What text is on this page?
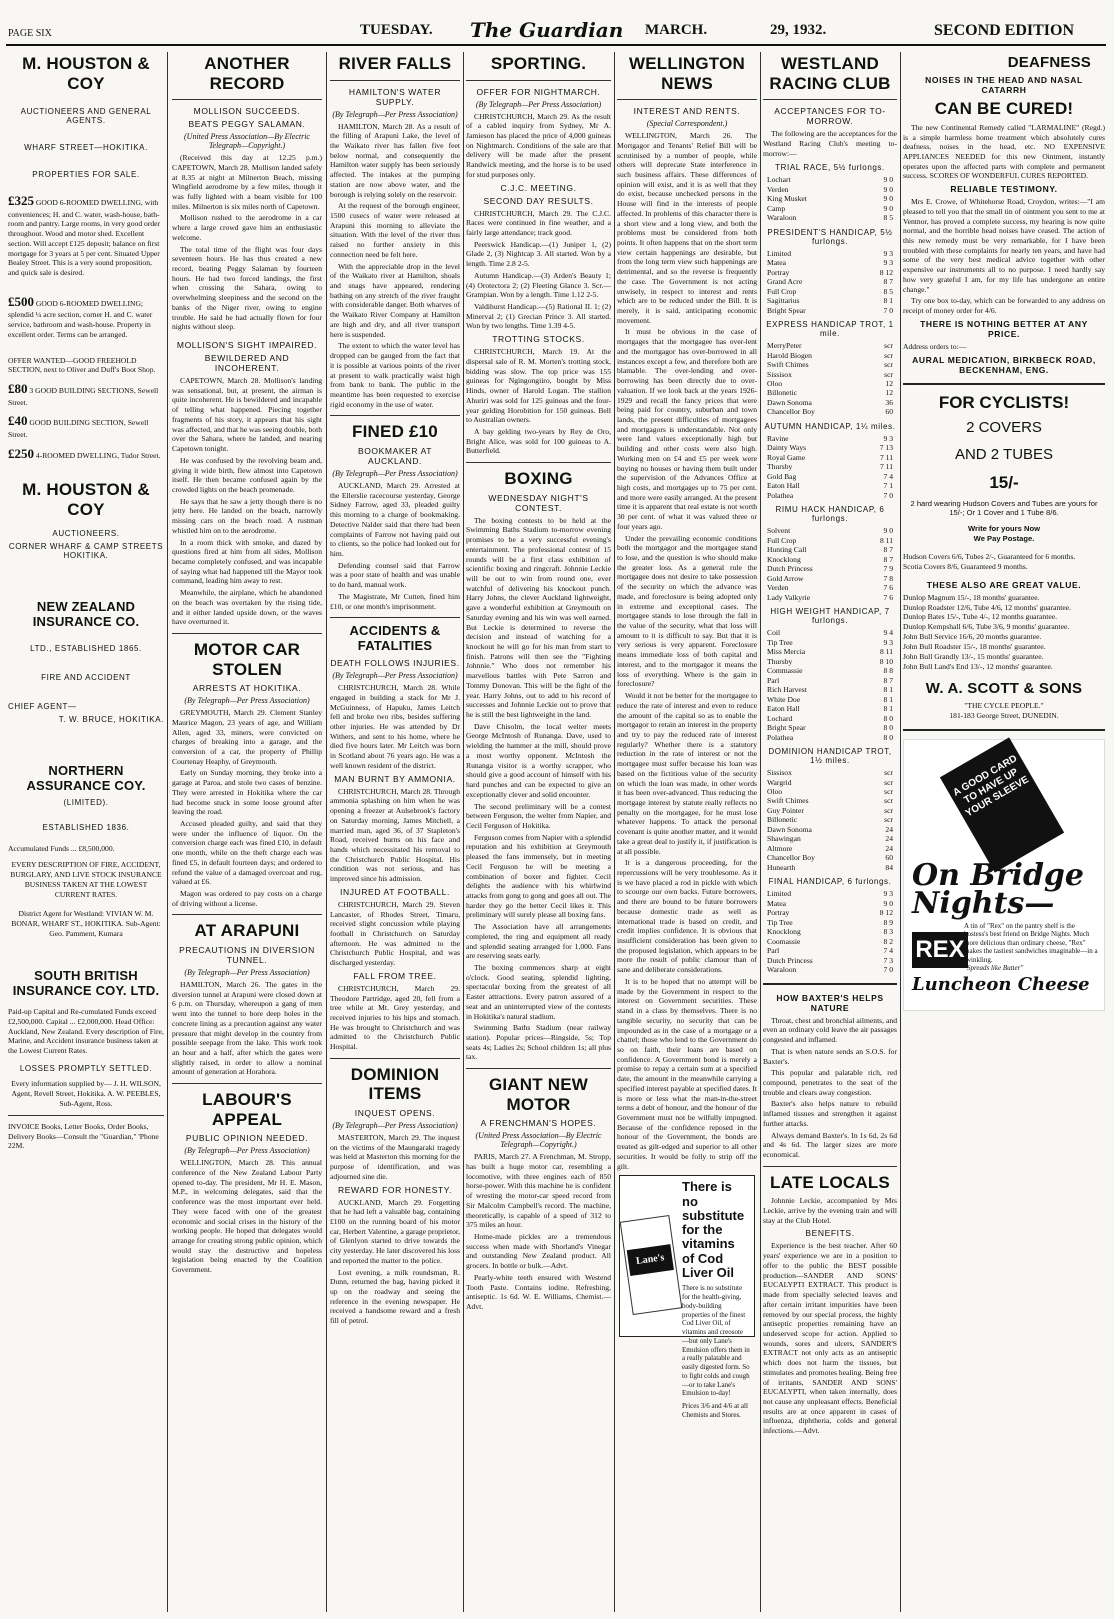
PAGE SIX	TUESDAY. The Guardian MARCH.	29, 1932.	SECOND EDITION
M. HOUSTON & COY
AUCTIONEERS AND GENERAL AGENTS.
WHARF STREET—HOKITIKA.
PROPERTIES FOR SALE.
£325 GOOD 6-ROOMED DWELLING, with conveniences; H. and C. water, wash-house, bath-room and pantry. Large rooms, in very good order throughout. Wood and motor shed. Excellent section. Will accept £125 deposit; balance on first mortgage for 3 years at 5 per cent. Situated Upper Bealey Street. This is a very sound proposition, and quick sale is desired.
£500 GOOD 6-ROOMED DWELLING; splendid ¼ acre section, corner H. and C. water service, bathroom and wash-house. Property in excellent order. Terms can be arranged.
OFFER WANTED—GOOD FREEHOLD SECTION, next to Oliver and Duff's Boot Shop.
£80 3 GOOD BUILDING SECTIONS, Sewell Street.
£40 GOOD BUILDING SECTION, Sewell Street.
£250 4-ROOMED DWELLING, Tudor Street.
M. HOUSTON & COY
AUCTIONEERS.
CORNER WHARF & CAMP STREETS HOKITIKA.
NEW ZEALAND INSURANCE CO.
LTD., ESTABLISHED 1865.
FIRE AND ACCIDENT
CHIEF AGENT—
T. W. BRUCE, HOKITIKA.
NORTHERN ASSURANCE COY.
(LIMITED).
ESTABLISHED 1836.
Accumulated Funds ... £8,500,000.
EVERY DESCRIPTION OF FIRE, ACCIDENT, BURGLARY, AND LIVE STOCK INSURANCE BUSINESS TAKEN AT THE LOWEST CURRENT RATES.
District Agent for Westland: VIVIAN W. M. BONAR, WHARF ST., HOKITIKA. Sub-Agent: Geo. Pamment, Kumara
SOUTH BRITISH INSURANCE COY. LTD.
Paid-up Capital and Re-cumulated Funds exceed £2,500,000. Capital ... £2,000,000. Head Office: Auckland, New Zealand. Every description of Fire, Marine, and Accident insurance business taken at the Lowest Current Rates.
LOSSES PROMPTLY SETTLED.
Every information supplied by— J. H. WILSON, Agent, Revell Street, Hokitika. A. W. PEEBLES, Sub-Agent, Ross.
INVOICE Books, Letter Books, Order Books, Delivery Books—Consult the "Guardian," 'Phone 22M.
ANOTHER RECORD
MOLLISON SUCCEEDS.
BEATS PEGGY SALAMAN.
(United Press Association—By Electric Telegraph—Copyright.)

(Received this day at 12.25 p.m.) CAPETOWN, March 28. Mollison landed safely at 8.35 at night at Milnerton Beach, missing Wingfield aerodrome by a few miles, though it was fully lighted with a beam visible for 100 miles. Milnerton is six miles north of Capetown.

Mollison rushed to the aerodrome in a car where a large crowd gave him an enthusiastic welcome.

The total time of the flight was four days seventeen hours. He has thus created a new record, beating Peggy Salaman by fourteen hours. He had two forced landings, the first when crossing the Sahara, owing to overwhelming sleepiness and the second on the banks of the Niger river, owing to engine trouble. He said he had actually flown for four nights without sleep.

MOLLISON'S SIGHT IMPAIRED.
BEWILDERED AND INCOHERENT.

CAPETOWN, March 28. Mollison's landing was sensational, but, at present, the airman is quite incoherent. He is bewildered and incapable of telling what happened. Piecing together fragments of his story, it appears that his sight was affected, and that he was seeing double, both over the Sahara, where he landed, and nearing Capetown tonight.

He was confused by the revolving beam and, giving it wide birth, flew almost into Capetown itself. He then became confused again by the crowded lights on the beach promenade.

He says that he saw a jetty though there is no jetty here. He landed on the beach, narrowly missing cars on the beach road. A rustman whistled him on to the aerodrome.

In a room thick with smoke, and dazed by questions fired at him from all sides, Mollison became completely confused, and was incapable of saying what had happened till the Mayor took command, leading him away to rest.

Meanwhile, the airplane, which he abandoned on the beach was overtaken by the rising tide, and it either landed upside down, or the waves have overturned it.

MOTOR CAR STOLEN
ARRESTS AT HOKITIKA.
(By Telegraph—Per Press Association)

GREYMOUTH, March 29. Clement Stanley Maurice Magon, 23 years of age, and William Allen, aged 33, miners, were convicted on charges of breaking into a garage, and the conversion of a car, the property of Phillip Courtenay Heaphy, of Greymouth.

Early on Sunday morning, they broke into a garage at Paroa, and stole two cases of benzine. They were arrested in Hokitika where the car had become stuck in some loose ground after leaving the road.

Accused pleaded guilty, and said that they were under the influence of liquor. On the conversion charge each was fined £10, in default one month, while on the theft charge each was fined £5, in default fourteen days; and ordered to refund the value of a damaged overcoat and rug, valued at £6.

Magon was ordered to pay costs on a charge of driving without a license.

AT ARAPUNI
PRECAUTIONS IN DIVERSION TUNNEL.
(By Telegraph—Per Press Association)

HAMILTON, March 26. The gates in the diversion tunnel at Arapuni were closed down at 6 p.m. on Thursday, whereupon a gang of men went into the tunnel to bore deep holes in the concrete lining as a precaution against any water pressure that might develop in the country from possible seepage from the lake. This work took an hour and a half, after which the gates were slightly raised, in order to allow a nominal amount of generation at Horahora.

LABOUR'S APPEAL
PUBLIC OPINION NEEDED.
(By Telegraph—Per Press Association)

WELLINGTON, March 28. This annual conference of the New Zealand Labour Party opened to-day. The president, Mr H. E. Mason, M.P., in welcoming delegates, said that the conference was the most important ever held. They were faced with one of the greatest economic and social crises in the history of the working people. He hoped that delegates would arrange for creating strong public opinion, which would stay the destructive and hopeless legislation being enacted by the Coalition Government.

RIVER FALLS
HAMILTON'S WATER SUPPLY.
(By Telegraph—Per Press Association)

HAMILTON, March 28. As a result of the filling of Arapuni Lake, the level of the Waikato river has fallen five feet below normal, and consequently the Hamilton water supply has been seriously affected. The intakes at the pumping station are now above water, and the borough is relying solely on the reservoir.

At the request of the borough engineer, 1500 cusecs of water were released at Arapuni this morning to alleviate the situation. With the level of the river thus raised no further anxiety in this connection need be felt here.

With the appreciable drop in the level of the Waikato river at Hamilton, shoals and snags have appeared, rendering bathing on any stretch of the river fraught with considerable danger. Both wharves of the Waikato River Company at Hamilton are high and dry, and all river transport here is suspended.

The extent to which the water level has dropped can be gauged from the fact that it is possible at various points of the river at present to walk practically waist high from bank to bank. The public in the meantime has been requested to exercise rigid economy in the use of water.

FINED £10
BOOKMAKER AT AUCKLAND.
(By Telegraph—Per Press Association)

AUCKLAND, March 29. Arrested at the Ellerslie racecourse yesterday, George Sidney Farrow, aged 33, pleaded guilty this morning to a charge of bookmaking. Detective Nalder said that there had been complaints of Farrow not having paid out to clients, so the police had looked out for him.

Defending counsel said that Farrow was a poor state of health and was unable to do hard, manual work.

The Magistrate, Mr Cutten, fined him £10, or one month's imprisonment.

ACCIDENTS & FATALITIES
DEATH FOLLOWS INJURIES.
(By Telegraph—Per Press Association)

CHRISTCHURCH, March 28. While engaged in building a stack for Mr J. McGuinness, of Hapuku, James Leitch fell and broke two ribs, besides suffering other injuries. He was attended by Dr Withers, and sent to his home, where he died five hours later. Mr Leitch was born in Scotland about 76 years ago. He was a well known resident of the district.

MAN BURNT BY AMMONIA.

CHRISTCHURCH, March 28. Through ammonia splashing on him when he was opening a freezer at Aulsebrook's factory on Saturday morning, James Mitchell, a married man, aged 36, of 37 Stapleton's Road, received burns on his face and hands which necessitated his removal to the Christchurch Public Hospital. His condition was not serious, and has improved since his admission.

INJURED AT FOOTBALL.

CHRISTCHURCH, March 29. Steven Lancaster, of Rhodes Street, Timaru, received slight concussion while playing football in Christchurch on Saturday afternoon. He was admitted to the Christchurch Public Hospital, and was discharged yesterday.

FALL FROM TREE.

CHRISTCHURCH, March 29. Theodore Partridge, aged 20, fell from a tree while at Mt. Grey yesterday, and received injuries to his hips and stomach. He was brought to Christchurch and was admitted to the Christchurch Public Hospital.

DOMINION ITEMS
INQUEST OPENS.
(By Telegraph—Per Press Association)

MASTERTON, March 29. The inquest on the victims of the Maungaraki tragedy was held at Masterton this morning for the purpose of identification, and was adjourned sine die.

REWARD FOR HONESTY.

AUCKLAND, March 29. Forgetting that he had left a valuable bag, containing £100 on the running board of his motor car, Herbert Valentine, a garage proprietor, of Glenlyon started to drive towards the city yesterday. He later discovered his loss and reported the matter to the police.

Lost evening, a milk roundsman, R. Dunn, returned the bag, having picked it up on the roadway and seeing the reference in the evening newspaper. He received a handsome reward and a fresh fill of petrol.

SPORTING.
OFFER FOR NIGHTMARCH.
(By Telegraph—Per Press Association)

CHRISTCHURCH, March 29. As the result of a cabled inquiry from Sydney, Mr A. Jamieson has placed the price of 4,000 guineas on Nightmarch. Conditions of the sale are that delivery will be made after the present Randwick meeting, and the horse is to be used for stud purposes only.

C.J.C. MEETING.
SECOND DAY RESULTS.

CHRISTCHURCH, March 29. The C.J.C. Races were continued in fine weather, and a fairly large attendance; track good.

Peerswick Handicap.—(1) Juniper 1, (2) Glade 2, (3) Nightcap 3. All started. Won by a length. Time 2.8 2-5.

Autumn Handicap.—(3) Arden's Beauty 1; (4) Orotectora 2; (2) Fleeting Glance 3. Scr.—Grampian. Won by a length. Time 1.12 2-5.

Valdihurst Handicap.—(5) Rational II. 1; (2) Minerval 2; (1) Grecian Prince 3. All started. Won by two lengths. Time 1.39 4-5.

TROTTING STOCKS.

CHRISTCHURCH, March 19. At the dispersal sale of R. M. Morten's trotting stock, bidding was slow. The top price was 155 guineas for Ngingongiiro, bought by Miss Hinds, owner of Harold Logan. The stallion Ahuriri was sold for 125 guineas and the four-year gelding Horobition for 150 guineas. Bell to Australian owners.

A bay gelding two-years by Rey de Oro, Bright Alice, was sold for 100 guineas to A. Butterfield.

BOXING
WEDNESDAY NIGHT'S CONTEST.

The boxing contests to be held at the Swimming Baths Stadium to-morrow evening promises to be a very successful evening's entertainment. The professional contest of 15 rounds will be a first class exhibition of scientific boxing and ringcraft. Johnnie Leckie will be out to win from round one, ever watchful of delivering his knockout punch. Harry Johns, the clever Auckland lightweight, gave a wonderful exhibition at Greymouth on Saturday evening and his win was well earned. But Leckie is determined to reverse the decision and instead of watching for a knockout he will go for his man from start to finish. Patrons will then see the "Fighting Johnnie." Who does not remember his marvellous battles with Pete Sarron and Tommy Donovan. This will be the fight of the year. Harry Johns, out to add to his record of successes and Johnnie Leckie out to prove that he is still the best lightweight in the land.

Dave Chisolm, the local welter meets George McIntosh of Runanga. Dave, used to wielding the hammer at the mill, should prove a most worthy opponent. McIntosh the Runanga visitor is a worthy scrapper, who should give a good account of himself with his hard punches and can be expected to give an exceptionally clever and solid encounter.

The second preliminary will be a contest between Ferguson, the welter from Napier, and Cecil Ferguson of Hokitika.

Ferguson comes from Napier with a splendid reputation and his exhibition at Greymouth pleased the fans immensely, but in meeting Cecil Ferguson he will be meeting a combination of boxer and fighter. Cecil delights the audience with his whirlwind attacks from gong to gong and goes all out. The harder they go the better Cecil likes it. This preliminary will surely please all boxing fans.

The Association have all arrangements completed, the ring and equipment all ready and splendid seating arranged for 1,000. Fans are reserving seats early.

The boxing commences sharp at eight o'clock. Good seating, splendid lighting, spectacular boxing from the greatest of all Easter attractions. Every patron assured of a seat and an uninterrupted view of the contests in Hokitika's natural stadium.

Swimming Baths Stadium (near railway station). Popular prices—Ringside, 5s; Top seats 4s; Ladies 2s; School children 1s; all plus tax.

GIANT NEW MOTOR
A FRENCHMAN'S HOPES.
(United Press Association—By Electric Telegraph—Copyright.)

PARIS, March 27. A Frenchman, M. Stropp, has built a huge motor car, resembling a locomotive, with three engines each of 850 horse-power. With this machine he is confident of wresting the motor-car speed record from Sir Malcolm Campbell's record. The machine, theoretically, is capable of a speed of 312 to 375 miles an hour.

Home-made pickles are a tremendous success when made with Shorland's Vinegar and outstanding New Zealand product. All grocers. In bottle or bulk.—Advt.

Pearly-white teeth ensured with Westend Tooth Paste. Contains iodine. Refreshing, antiseptic. 1s 6d. W. E. Williams, Chemist.—Advt.

WELLINGTON NEWS
INTEREST AND RENTS.
(Special Correspondent.)

WELLINGTON, March 26. The Mortgagor and Tenants' Relief Bill will be scrutinised by a number of people, while others will deprecate State interference in such business affairs. These differences of opinion will exist, and it is as well that they do exist, because unchecked persons in the House will find in the interests of people affected. In problems of this character there is a short view and a long view, and both the problems must be considered from both points. It often happens that on the short term view certain happenings are desirable, but from the long term view such happenings are detrimental, and so the reverse is frequently the case. The Government is not acting unwisely, in respect to interest and rents which are to be reduced under the Bill. It is merely, it is said, anticipating economic movement.

It must be obvious in the case of mortgages that the mortgagee has over-lent and the mortgagor has over-borrowed in all instances except a few, and therefore both are blamable. The over-lending and over-borrowing has been directly due to over-valuation. If we look back at the years 1926-1929 and recall the fancy prices that were being paid for country, suburban and town lands, the present difficulties of mortgagees and mortgagors is understandable. Not only were land values exceptionally high but building and other costs were also high. Working men on £4 and £5 per week were buying no houses or having them built under the supervision of the Advances Office at high costs, and mortgages up to 75 per cent. and more were easily arranged. At the present time it is apparent that real estate is not worth 30 per cent. of what it was valued three or four years ago.

Under the prevailing economic conditions both the mortgagor and the mortgagee stand to lose, and the question is who should make the greater loss. As a general rule the mortgagee does not desire to take possession of the security on which the advance was made, and foreclosure is being adopted only in extreme and exceptional cases. The mortgagee stands to lose through the fall in the value of the security, what that loss will amount to it is difficult to say. But that it is very serious is very apparent. Foreclosure means immediate loss of both capital and interest, and to the mortgagor it means the loss of everything. Where is the gain in foreclosure?

Would it not be better for the mortgagee to reduce the rate of interest and even to reduce the amount of the capital so as to enable the mortgagor to retain an interest in the property and try to pay the reduced rate of interest regularly? Whether there is a statutory reduction in the rate of interest or not the mortgagee must suffer because his loan was based on the fictitious value of the security on which the loan was made, in other words it has been over-advanced. Thus reducing the mortgage interest by statute really reflects no penalty on the mortgagee, for he must lose whatever happens. To attack the personal covenant is quite another matter, and it would take a great deal to justify it, if justification is at all possible.

It is a dangerous proceeding, for the repercussions will be very troublesome. As it is we have placed a rod in pickle with which to scourge our own backs. Future borrowers, and there are bound to be future borrowers because domestic trade as well as international trade is based on credit, and credit implies confidence. It is obvious that insufficient consideration has been given to the proposed legislation, which appears to be more the result of public clamour than of sane and deliberate considerations.

It is to be hoped that no attempt will be made by the Government in respect to the interest on Government securities. These stand in a class by themselves. There is no tangible security, no security that can be impounded as in the case of a mortgage or a chattel; those who lend to the Government do so on faith, their loans are based on confidence. A Government bond is merely a promise to repay a certain sum at a specified date, the amount in the meanwhile carrying a specified interest payable at specified dates. It is more or less what the man-in-the-street terms a debt of honour, and the honour of the Government must not be wilfully impugned. Because of the confidence reposed in the honour of the Government, the bonds are treated as gilt-edged and superior to all other securities. It would be folly to strip off the gilt.

Lane's
There is no substitute for the vitamins of Cod Liver Oil
There is no substitute for the health-giving, body-building properties of the finest Cod Liver Oil, of vitamins and creosote—but only Lane's Emulsion offers them in a really palatable and easily digested form. So to fight colds and cough—or to take Lane's Emulsion to-day!
Prices 3/6 and 4/6 at all Chemists and Stores.
WESTLAND RACING CLUB
ACCEPTANCES FOR TO-MORROW.

The following are the acceptances for the Westland Racing Club's meeting to-morrow:—

TRIAL RACE, 5½ furlongs.
Lochart	9 0
Verden	9 0
King Musket	9 0
Camp	9 0
Waraloon	8 5
PRESIDENT'S HANDICAP, 5½ furlongs.
Limited	9 3
Matea	9 3
Portray	8 12
Grand Acre	8 7
Full Crop	8 5
Sagittarius	8 1
Bright Spear	7 0
EXPRESS HANDICAP TROT, 1 mile.
MerryPeter	scr
Harold Biogen	scr
Swift Chimes	scr
Sissisox	scr
Oloo	12
Billonetic	12
Dawn Sonoma	36
Chancellor Boy	60
AUTUMN HANDICAP, 1¼ miles.
Ravine	9 3
Dainty Ways	7 13
Royal Game	7 11
Thursby	7 11
Gold Bag	7 4
Eaton Hall	7 1
Polathea	7 0
RIMU HACK HANDICAP, 6 furlongs.
Solvent	9 0
Full Crop	8 11
Hunting Call	8 7
Knocklong	8 7
Dutch Princess	7 9
Gold Arrow	7 8
Verden	7 6
Lady Valkyrie	7 6
HIGH WEIGHT HANDICAP, 7 furlongs.
Coil	9 4
Tip Tree	9 3
Miss Mercia	8 11
Thursby	8 10
Commassie	8 8
Parl	8 7
Rich Harvest	8 1
White Doe	8 1
Eaton Hall	8 1
Lochard	8 0
Bright Spear	8 0
Polathea	8 0
DOMINION HANDICAP TROT, 1½ miles.
Sissisox	scr
Wargrid	scr
Oloo	scr
Swift Chimes	scr
Guy Pointer	scr
Billonetic	scr
Dawn Sonoma	24
Shawingan	24
Altmore	24
Chancellor Boy	60
Hunearth	84
FINAL HANDICAP, 6 furlongs.
Limited	9 3
Matea	9 0
Portray	8 12
Tip Tree	8 9
Knocklong	8 3
Coomassie	8 2
Parl	7 4
Dutch Princess	7 3
Waraloon	7 0
HOW BAXTER'S HELPS NATURE

Throat, chest and bronchial ailments, and even an ordinary cold leave the air passages congested and inflamed.

That is when nature sends an S.O.S. for Baxter's.

This popular and palatable rich, red compound, penetrates to the seat of the trouble and clears away congestion.

Baxter's also helps nature to rebuild inflamed tissues and strengthen it against further attacks.

Always demand Baxter's. In 1s 6d, 2s 6d and 4s 6d. The larger sizes are more economical.

LATE LOCALS

Johnnie Leckie, accompanied by Mrs Leckie, arrive by the evening train and will stay at the Club Hotel.

BENEFITS.

Experience is the best teacher. After 60 years' experience we are in a position to offer to the public the BEST possible production—SANDER AND SONS' EUCALYPTI EXTRACT. This product is made from specially selected leaves and after certain irritant impurities have been removed by our special process, the highly antiseptic properties remaining have an undeserved scope for action. Applied to wounds, sores and ulcers, SANDER'S EXTRACT not only acts as an antiseptic which does not harm the tissues, but stimulates and promotes healing. Being free of irritants, SANDER AND SONS' EUCALYPTI, when taken internally, does not cause any unpleasant effects. Beneficial results are at once apparent in cases of influenza, diphtheria, colds and general infections.—Advt.

DEAFNESS
NOISES IN THE HEAD AND NASAL CATARRH
CAN BE CURED!

The new Continental Remedy called "LARMALINE" (Regd.) is a simple harmless home treatment which absolutely cures deafness, noises in the head, etc. NO EXPENSIVE APPLIANCES NEEDED for this new Ointment, instantly operates upon the affected parts with complete and permanent success. SCORES OF WONDERFUL CURES REPORTED.

RELIABLE TESTIMONY.

Mrs E. Crowe, of Whitehorse Road, Croydon, writes:—"I am pleased to tell you that the small tin of ointment you sent to me at Ventnor, has proved a complete success, my hearing is now quite normal, and the horrible head noises have ceased. The action of this new remedy must be very remarkable, for I have been troubled with these complaints for nearly ten years, and have had some of the very best medical advice together with other expensive ear instruments all to no purpose. I need hardly say how very grateful I am, for my life has undergone an entire change."

Try one box to-day, which can be forwarded to any address on receipt of money order for 4/6.

THERE IS NOTHING BETTER AT ANY PRICE.
Address orders to:—
AURAL MEDICATION, BIRKBECK ROAD, BECKENHAM, ENG.
FOR CYCLISTS!
2 COVERS
AND 2 TUBES
15/-
2 hard wearing Hudson Covers and Tubes are yours for 15/-; Or 1 Cover and 1 Tube 8/6.
Write for yours Now
We Pay Postage.
Hudson Covers 6/6, Tubes 2/-, Guaranteed for 6 months.
Scotia Covers 8/6, Guaranteed 9 months.
THESE ALSO ARE GREAT VALUE.
Dunlop Magnum 15/-, 18 months' guarantee.
Dunlop Roadster 12/6, Tube 4/6, 12 months' guarantee.
Dunlop Bates 15/-, Tube 4/-, 12 months guarantee.
Dunlop Kempshall 6/6, Tube 3/6, 9 months' guarantee.
John Bull Service 16/6, 20 months guarantee.
John Bull Roadster 15/-, 18 months' guarantee.
John Bull Grandly 13/-, 15 months' guarantee.
John Bull Land's End 13/-, 12 months' guarantee.
W. A. SCOTT & SONS
"THE CYCLE PEOPLE."
181-183 George Street, DUNEDIN.
A GOOD CARD TO HAVE UP YOUR SLEEVE
On Bridge Nights—
REX
A tin of "Rex" on the pantry shelf is the hostess's best friend on Bridge Nights. Much more delicious than ordinary cheese, "Rex" makes the tastiest sandwiches imaginable—in a twinkling.
"Spreads like Butter"
Luncheon Cheese
